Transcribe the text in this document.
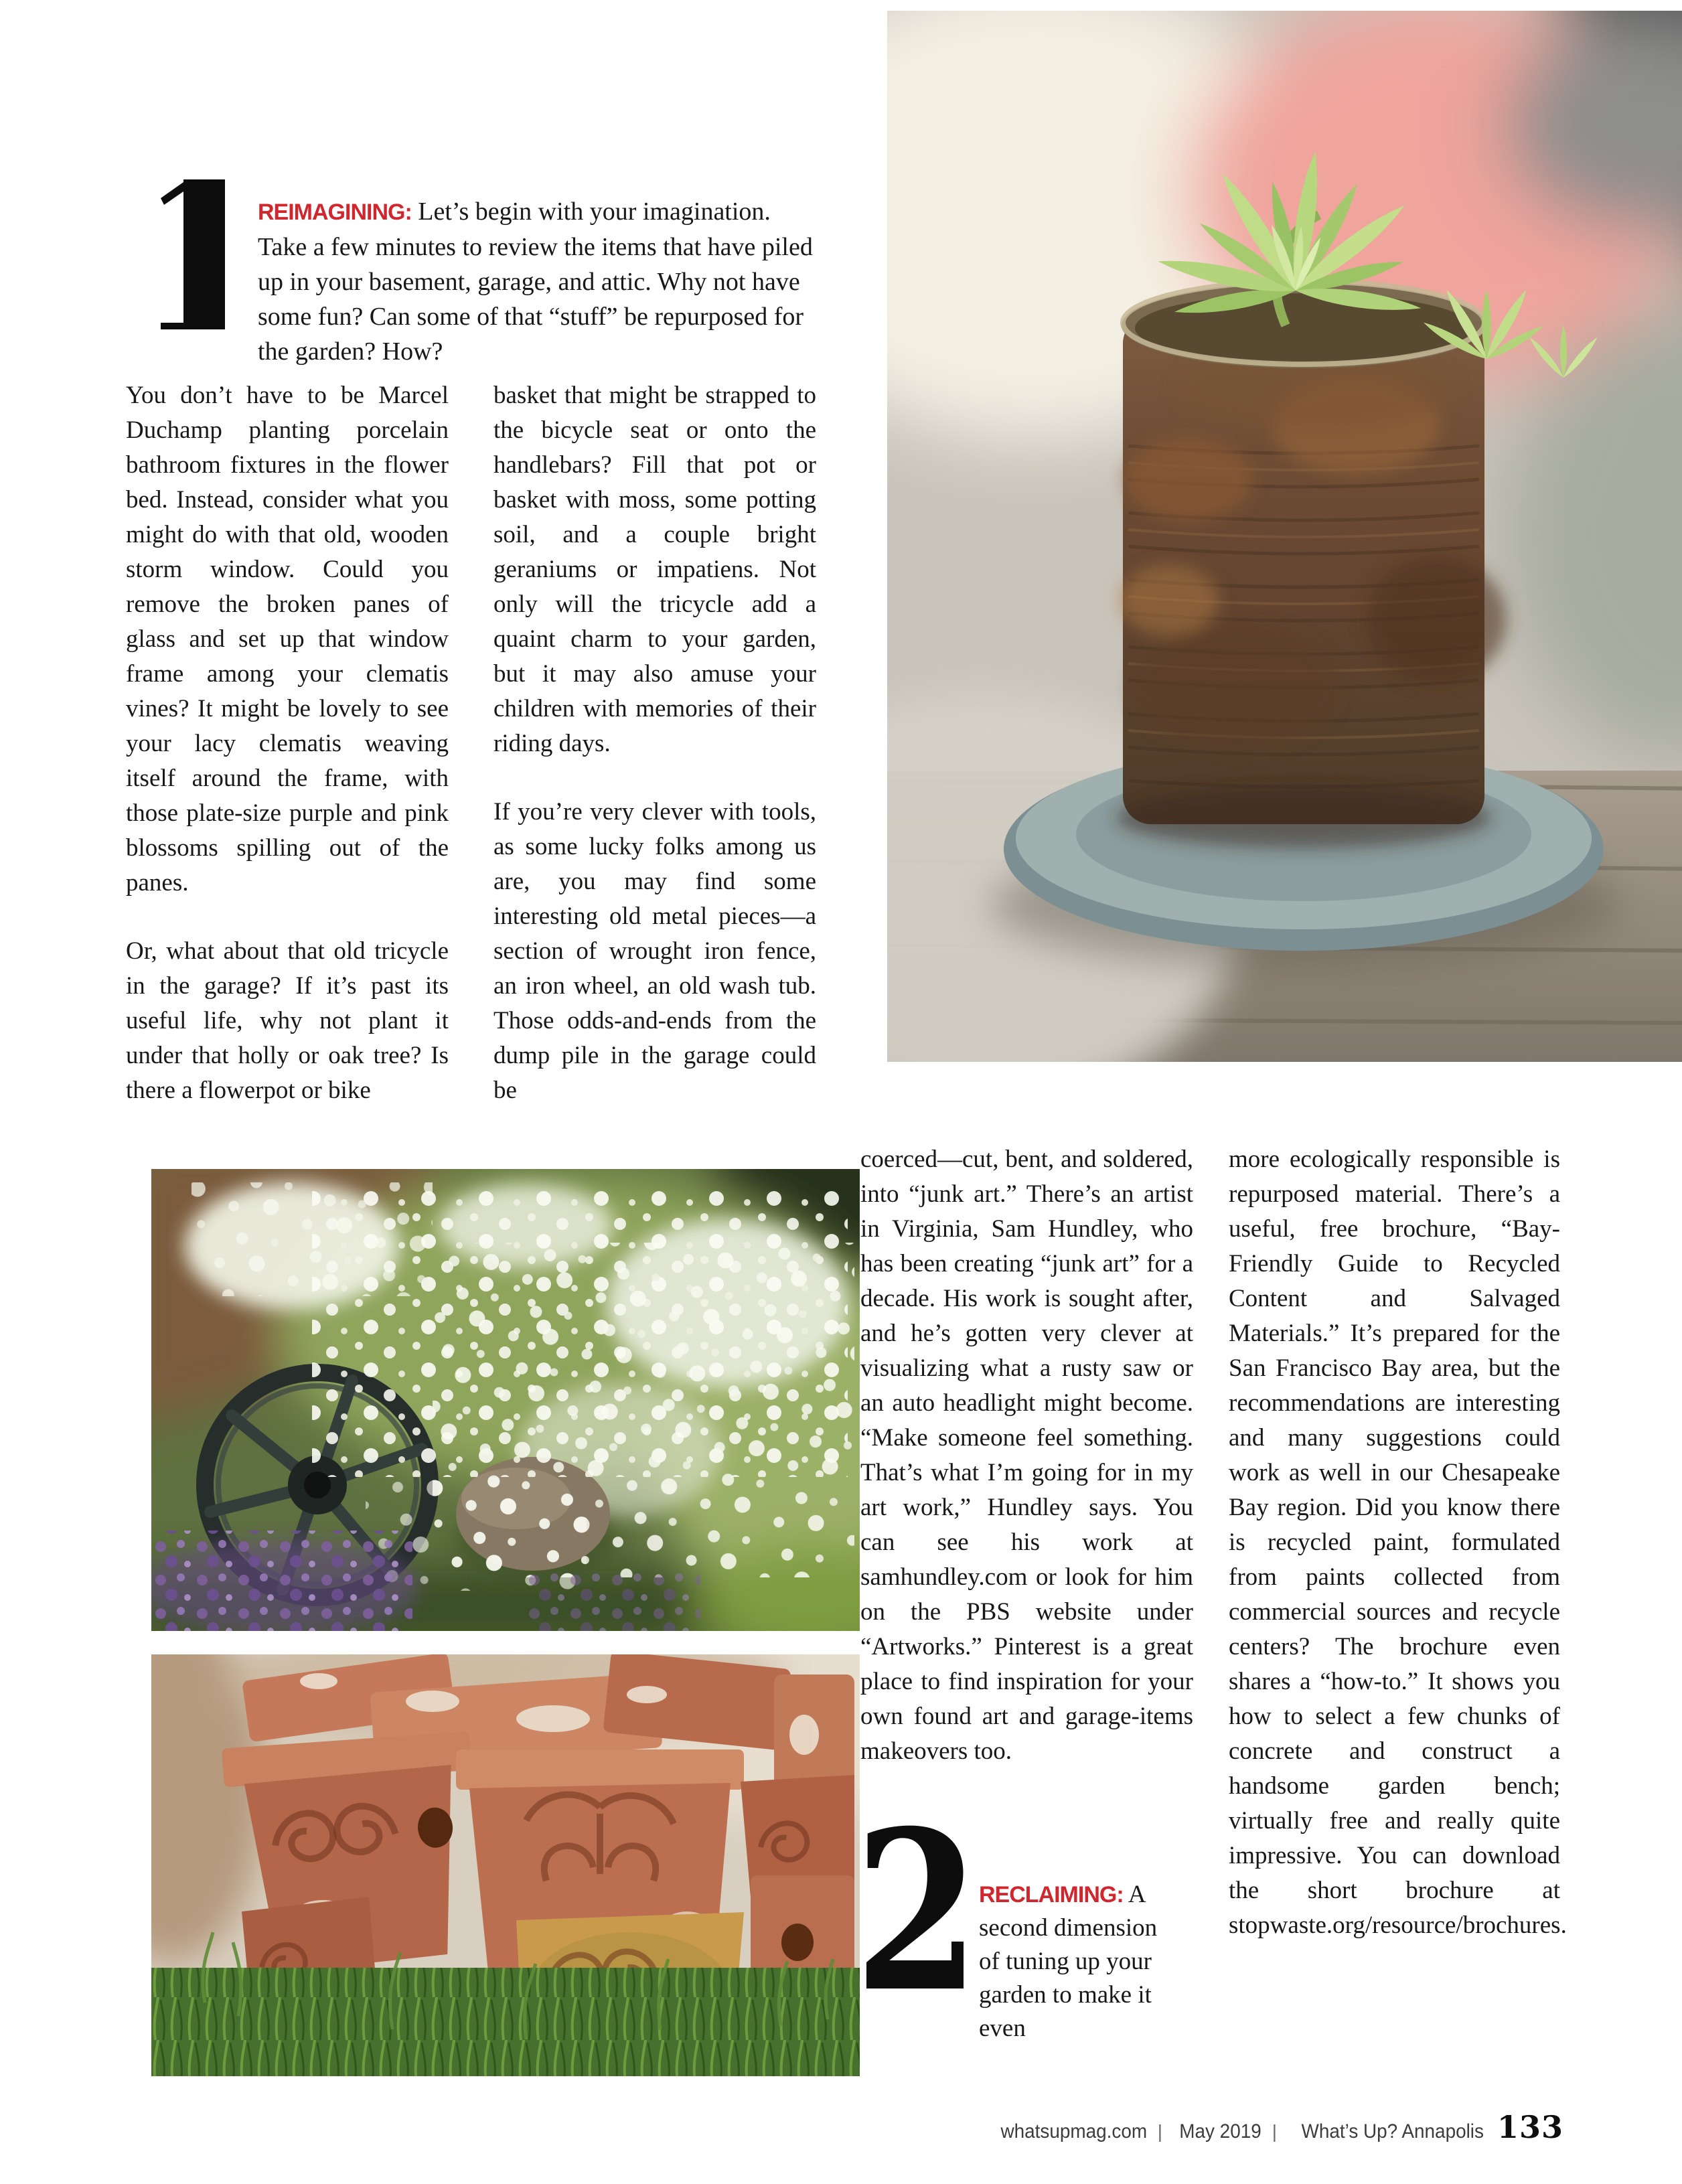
REIMAGINING: Let’s begin with your imagination. Take a few minutes to review the items that have piled up in your basement, garage, and attic. Why not have some fun? Can some of that “stuff” be repurposed for the garden? How?

You don’t have to be Marcel Duchamp planting porcelain bathroom fixtures in the flower bed. Instead, consider what you might do with that old, wooden storm window. Could you remove the broken panes of glass and set up that window frame among your clematis vines? It might be lovely to see your lacy clematis weaving itself around the frame, with those plate-size purple and pink blossoms spilling out of the panes.

Or, what about that old tricycle in the garage? If it’s past its useful life, why not plant it under that holly or oak tree? Is there a flowerpot or bike

basket that might be strapped to the bicycle seat or onto the handlebars? Fill that pot or basket with moss, some potting soil, and a couple bright geraniums or impatiens. Not only will the tricycle add a quaint charm to your garden, but it may also amuse your children with memories of their riding days.

If you’re very clever with tools, as some lucky folks among us are, you may find some interesting old metal pieces—a section of wrought iron fence, an iron wheel, an old wash tub. Those odds-and-ends from the dump pile in the garage could be

coerced—cut, bent, and soldered, into “junk art.” There’s an artist in Virginia, Sam Hundley, who has been creating “junk art” for a decade. His work is sought after, and he’s gotten very clever at visualizing what a rusty saw or an auto headlight might become. “Make someone feel something. That’s what I’m going for in my art work,” Hundley says. You can see his work at samhundley.com or look for him on the PBS website under “Artworks.” Pinterest is a great place to find inspiration for your own found art and garage-items makeovers too.

more ecologically responsible is repurposed material. There’s a useful, free brochure, “Bay-Friendly Guide to Recycled Content and Salvaged Materials.” It’s prepared for the San Francisco Bay area, but the recommendations are interesting and many suggestions could work as well in our Chesapeake Bay region. Did you know there is recycled paint, formulated from paints collected from commercial sources and recycle centers? The brochure even shares a “how-to.” It shows you how to select a few chunks of concrete and construct a handsome garden bench; virtually free and really quite impressive. You can download the short brochure at stopwaste.org/resource/brochures.

2

RECLAIMING: A second dimension of tuning up your garden to make it even

whatsupmag.com | May 2019 | What’s Up? Annapolis 133
